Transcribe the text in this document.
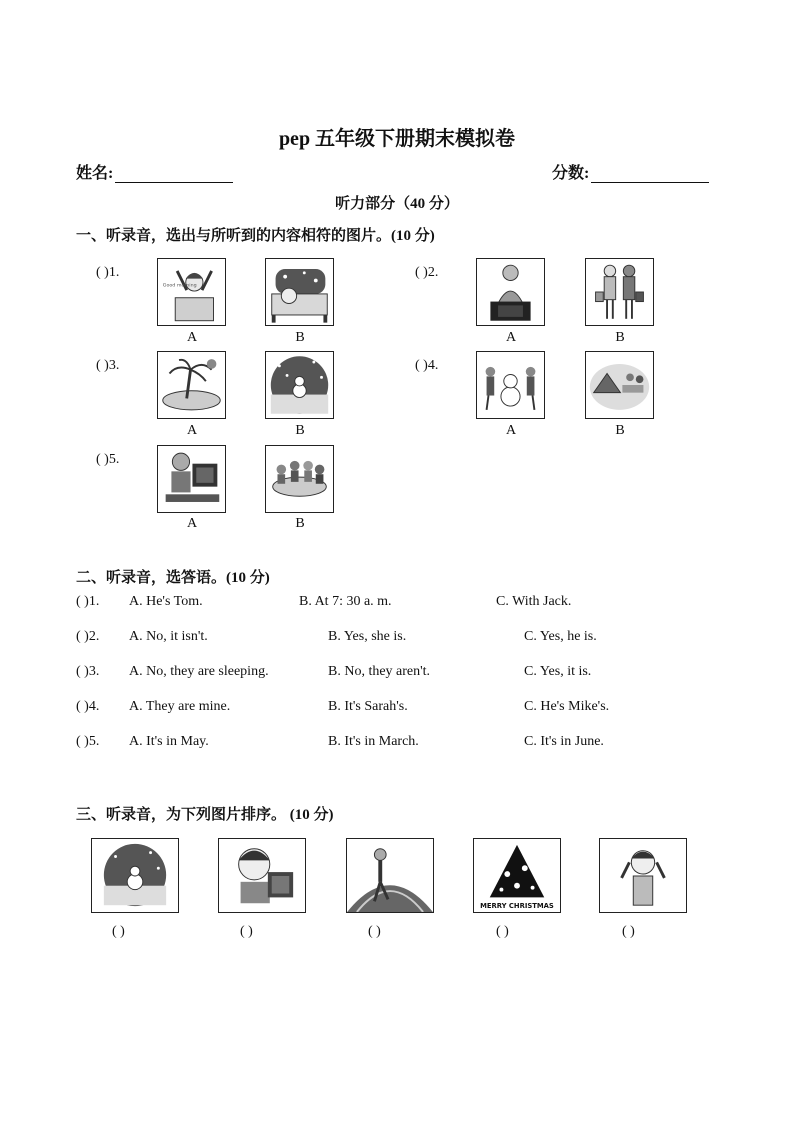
pep 五年级下册期末模拟卷
姓名:	分数:
听力部分（40 分）
一、听录音，选出与所听到的内容相符的图片。(10 分)
( )1.
Good morning
A	B
( )2.
A	B
( )3.
A	B
( )4.
A	B
( )5.
A	B
二、听录音，选答语。(10 分)
( )1. A. He's Tom.	B. At 7: 30 a. m.	C. With Jack.
( )2. A. No, it isn't.	B. Yes, she is.	C. Yes, he is.
( )3. A. No, they are sleeping.	B. No, they aren't.	C. Yes, it is.
( )4. A. They are mine.	B. It's Sarah's.	C. He's Mike's.
( )5. A. It's in May.	B. It's in March.	C. It's in June.
三、听录音，为下列图片排序。 (10 分)
MERRY CHRISTMAS
( )	( )	( )	( )	( )
